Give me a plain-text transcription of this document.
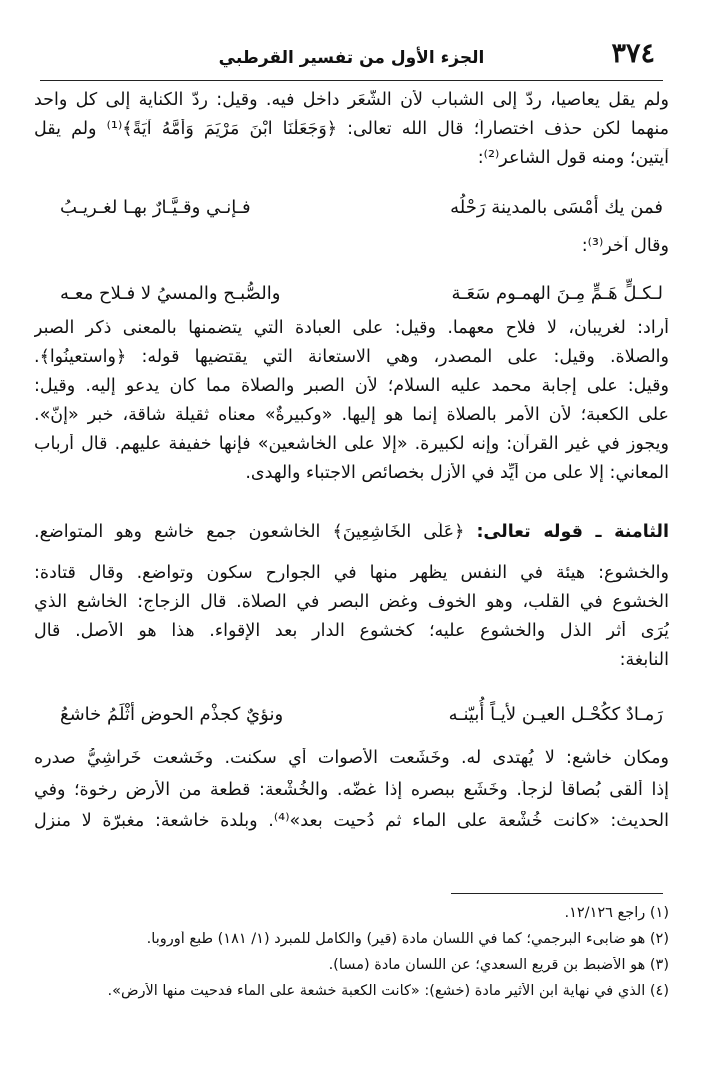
٣٧٤
الجزء الأول من تفسير القرطبي
ولم يقل يعاصيا، ردّ إلى الشباب لأن الشَّعَر داخل فيه. وقيل: ردّ الكناية إلى كل واحد
منهما لكن حذف اختصاراً؛ قال الله تعالى: ﴿وَجَعَلْنَا ابْنَ مَرْيَمَ وَأُمَّهُ آيَةً﴾⁽¹⁾ ولم يقل
آيتين؛ ومنه قول الشاعر⁽²⁾:
فمن يك أمْسَى بالمدينة رَحْلُه
فـإنـي وقـيَّـارٌ بهـا لغـريـبُ
وقال آخر⁽³⁾:
لـكـلٍّ هَـمٍّ مِـنَ الهمـوم سَعَـة
والصُّبـح والمسيُ لا فـلاح معـه
أراد: لغريبان، لا فلاح معهما. وقيل: على العبادة التي يتضمنها بالمعنى ذكر الصبر
والصلاة. وقيل: على المصدر، وهي الاستعانة التي يقتضيها قوله: ﴿واستعينُوا﴾.
وقيل: على إجابة محمد عليه السلام؛ لأن الصبر والصلاة مما كان يدعو إليه. وقيل:
على الكعبة؛ لأن الأمر بالصلاة إنما هو إليها. «وكبيرةٌ» معناه ثقيلة شاقة، خبر «إنّ».
ويجوز في غير القرآن: وإنه لكبيرة. «إلا على الخاشعين» فإنها خفيفة عليهم. قال أرباب
المعاني: إلا على من أُيِّد في الأزل بخصائص الاجتباء والهدى.
الثامنة ـ قوله تعالى: ﴿عَلَى الخَاشِعِينَ﴾ الخاشعون جمع خاشع وهو المتواضع.
والخشوع: هيئة في النفس يظهر منها في الجوارح سكون وتواضع. وقال قتادة:
الخشوع في القلب، وهو الخوف وغض البصر في الصلاة. قال الزجاج: الخاشع الذي
يُرَى أثر الذل والخشوع عليه؛ كخشوع الدار بعد الإقواء. هذا هو الأصل. قال
النابغة:
رَمـادٌ ككُحْـل العيـن لأيـاً أُبيّنـه
ونؤيٌ كجذْم الحوض أثْلَمُ خاشعُ
ومكان خاشع: لا يُهتدى له. وخَشَعت الأصوات أي سكنت. وخَشعت خَراشِيُّ صدره
إذا ألقى بُصاقاً لزجاً. وخَشَع ببصره إذا غضّه. والخُشْعة: قطعة من الأرض رِخوة؛ وفي
الحديث: «كانت خُشْعة على الماء ثم دُحيت بعد»⁽⁴⁾. وبلدة خاشعة: مغبرّة لا منزل
(١) راجع ١٢/١٢٦.
(٢) هو ضابىء البرجمي؛ كما في اللسان مادة (قير) والكامل للمبرد (١/ ١٨١) طبع أوروبا.
(٣) هو الأضبط بن قريع السعدي؛ عن اللسان مادة (مسا).
(٤) الذي في نهاية ابن الأثير مادة (خشع): «كانت الكعبة خشعة على الماء فدحيت منها الأرض».
